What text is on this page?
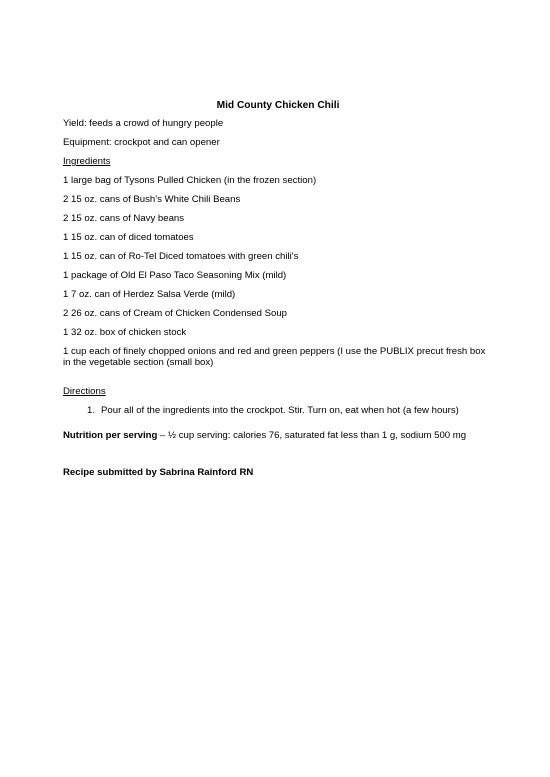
Mid County Chicken Chili
Yield: feeds a crowd of hungry people
Equipment: crockpot and can opener
Ingredients
1 large bag of Tysons Pulled Chicken (in the frozen section)
2 15 oz. cans of Bush's White Chili Beans
2 15 oz. cans of Navy beans
1 15 oz. can of diced tomatoes
1 15 oz. can of Ro-Tel Diced tomatoes with green chili's
1 package of Old El Paso Taco Seasoning Mix (mild)
1 7 oz. can of Herdez Salsa Verde (mild)
2 26 oz. cans of Cream of Chicken Condensed Soup
1 32 oz. box of chicken stock
1 cup each of finely chopped onions and red and green peppers (I use the PUBLIX precut fresh box in the vegetable section (small box)
Directions
1. Pour all of the ingredients into the crockpot. Stir. Turn on, eat when hot (a few hours)
Nutrition per serving – ½ cup serving: calories 76, saturated fat less than 1 g, sodium 500 mg
Recipe submitted by Sabrina Rainford RN
